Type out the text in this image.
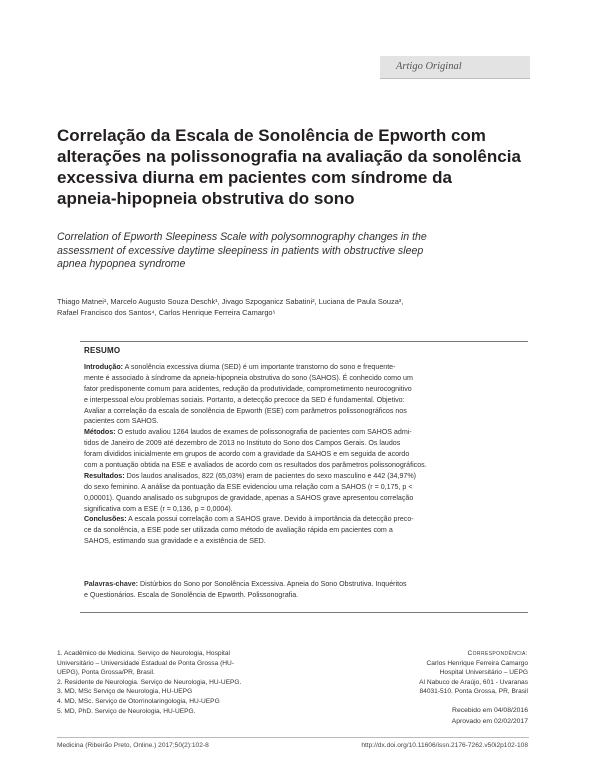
Artigo Original
Correlação da Escala de Sonolência de Epworth com
alterações na polissonografia na avaliação da sonolência
excessiva diurna em pacientes com síndrome da
apneia-hipopneia obstrutiva do sono
Correlation of Epworth Sleepiness Scale with polysomnography changes in the
assessment of excessive daytime sleepiness in patients with obstructive sleep
apnea hypopnea syndrome
Thiago Matnei¹, Marcelo Augusto Souza Deschk¹, Jivago Szpoganicz Sabatini², Luciana de Paula Souza³,
Rafael Francisco dos Santos⁴, Carlos Henrique Ferreira Camargo⁵
RESUMO
Introdução: A sonolência excessiva diurna (SED) é um importante transtorno do sono e frequente-
mente é associado à síndrome da apneia-hipopneia obstrutiva do sono (SAHOS). É conhecido como um
fator predisponente comum para acidentes, redução da produtividade, comprometimento neurocognitivo
e interpessoal e/ou problemas sociais. Portanto, a detecção precoce da SED é fundamental. Objetivo:
Avaliar a correlação da escala de sonolência de Epworth (ESE) com parâmetros polissonográficos nos
pacientes com SAHOS.
Métodos: O estudo avaliou 1264 laudos de exames de polissonografia de pacientes com SAHOS admi-
tidos de Janeiro de 2009 até dezembro de 2013 no Instituto do Sono dos Campos Gerais. Os laudos
foram divididos inicialmente em grupos de acordo com a gravidade da SAHOS e em seguida de acordo
com a pontuação obtida na ESE e avaliados de acordo com os resultados dos parâmetros polissonográficos.
Resultados: Dos laudos analisados, 822 (65,03%) eram de pacientes do sexo masculino e 442 (34,97%)
do sexo feminino. A análise da pontuação da ESE evidenciou uma relação com a SAHOS (r = 0,175, p <
0,00001). Quando analisado os subgrupos de gravidade, apenas a SAHOS grave apresentou correlação
significativa com a ESE (r = 0,136, p = 0,0004).
Conclusões: A escala possui correlação com a SAHOS grave. Devido à importância da detecção preco-
ce da sonolência, a ESE pode ser utilizada como método de avaliação rápida em pacientes com a
SAHOS, estimando sua gravidade e a existência de SED.
Palavras-chave: Distúrbios do Sono por Sonolência Excessiva. Apneia do Sono Obstrutiva. Inquéritos
e Questionários. Escala de Sonolência de Epworth. Polissonografia.
1. Acadêmico de Medicina. Serviço de Neurologia, Hospital
Universitário – Universidade Estadual de Ponta Grossa (HU-
UEPG), Ponta Grossa/PR, Brasil.
2. Residente de Neurologia. Serviço de Neurologia, HU-UEPG.
3. MD, MSc Serviço de Neurologia, HU-UEPG
4. MD, MSc. Serviço de Otorrinolaringologia, HU-UEPG
5. MD, PhD. Serviço de Neurologia, HU-UEPG.
Correspondência:
Carlos Henrique Ferreira Camargo
Hospital Universitário – UEPG
Al Nabuco de Araújo, 601 - Uvaranas
84031-510. Ponta Grossa, PR, Brasil
Recebido em 04/08/2016
Aprovado em 02/02/2017
Medicina (Ribeirão Preto, Online.) 2017;50(2):102-8	http://dx.doi.org/10.11606/issn.2176-7262.v50i2p102-108
